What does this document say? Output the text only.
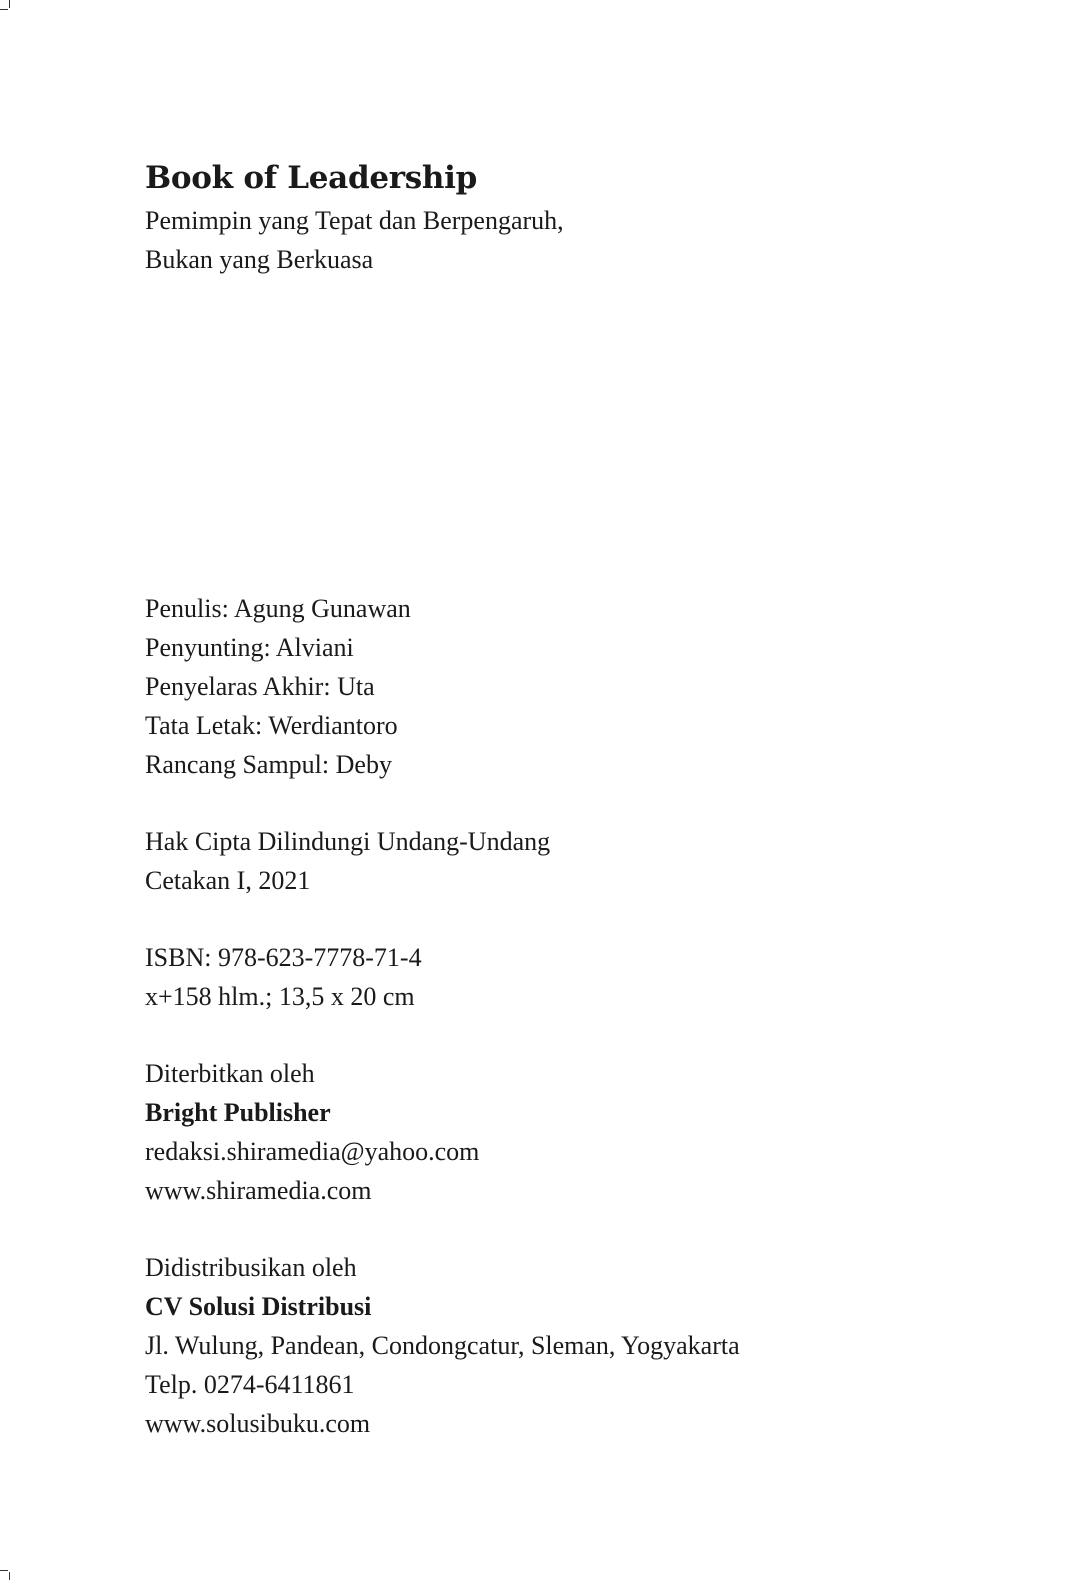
Book of Leadership
Pemimpin yang Tepat dan Berpengaruh,
Bukan yang Berkuasa
Penulis: Agung Gunawan
Penyunting: Alviani
Penyelaras Akhir: Uta
Tata Letak: Werdiantoro
Rancang Sampul: Deby
Hak Cipta Dilindungi Undang-Undang
Cetakan I, 2021
ISBN: 978-623-7778-71-4
x+158 hlm.; 13,5 x 20 cm
Diterbitkan oleh
Bright Publisher
redaksi.shiramedia@yahoo.com
www.shiramedia.com
Didistribusikan oleh
CV Solusi Distribusi
Jl. Wulung, Pandean, Condongcatur, Sleman, Yogyakarta
Telp. 0274-6411861
www.solusibuku.com
